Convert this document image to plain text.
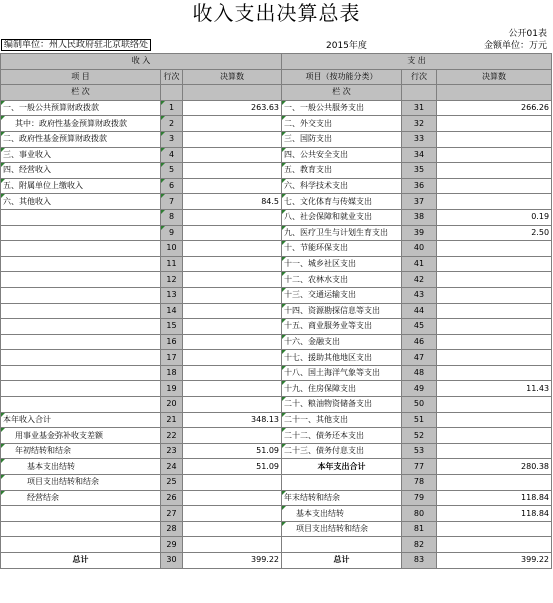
收入支出决算总表
公开01表
编制单位：州人民政府驻北京联络处	2015年度	金额单位：万元
收 入			支 出		
项 目	行次	决算数	项目（按功能分类）	行次	决算数
栏 次			栏 次		
一、一般公共预算财政拨款	1	263.63	一、一般公共服务支出	31	266.26
其中：政府性基金预算财政拨款	2		二、外交支出	32	
二、政府性基金预算财政拨款	3		三、国防支出	33	
三、事业收入	4		四、公共安全支出	34	
四、经营收入	5		五、教育支出	35	
五、附属单位上缴收入	6		六、科学技术支出	36	
六、其他收入	7	84.5	七、文化体育与传媒支出	37	
	8		八、社会保障和就业支出	38	0.19
	9		九、医疗卫生与计划生育支出	39	2.50
	10		十、节能环保支出	40	
	11		十一、城乡社区支出	41	
	12		十二、农林水支出	42	
	13		十三、交通运输支出	43	
	14		十四、资源勘探信息等支出	44	
	15		十五、商业服务业等支出	45	
	16		十六、金融支出	46	
	17		十七、援助其他地区支出	47	
	18		十八、国土海洋气象等支出	48	
	19		十九、住房保障支出	49	11.43
	20		二十、粮油物资储备支出	50	
本年收入合计	21	348.13	二十一、其他支出	51	
用事业基金弥补收支差额	22		二十二、债务还本支出	52	
年初结转和结余	23	51.09	二十三、债务付息支出	53	
基本支出结转	24	51.09	本年支出合计	77	280.38
项目支出结转和结余	25			78	
经营结余	26		年末结转和结余	79	118.84
	27		基本支出结转	80	118.84
	28		项目支出结转和结余	81	
	29			82	
总计	30	399.22	总计	83	399.22
